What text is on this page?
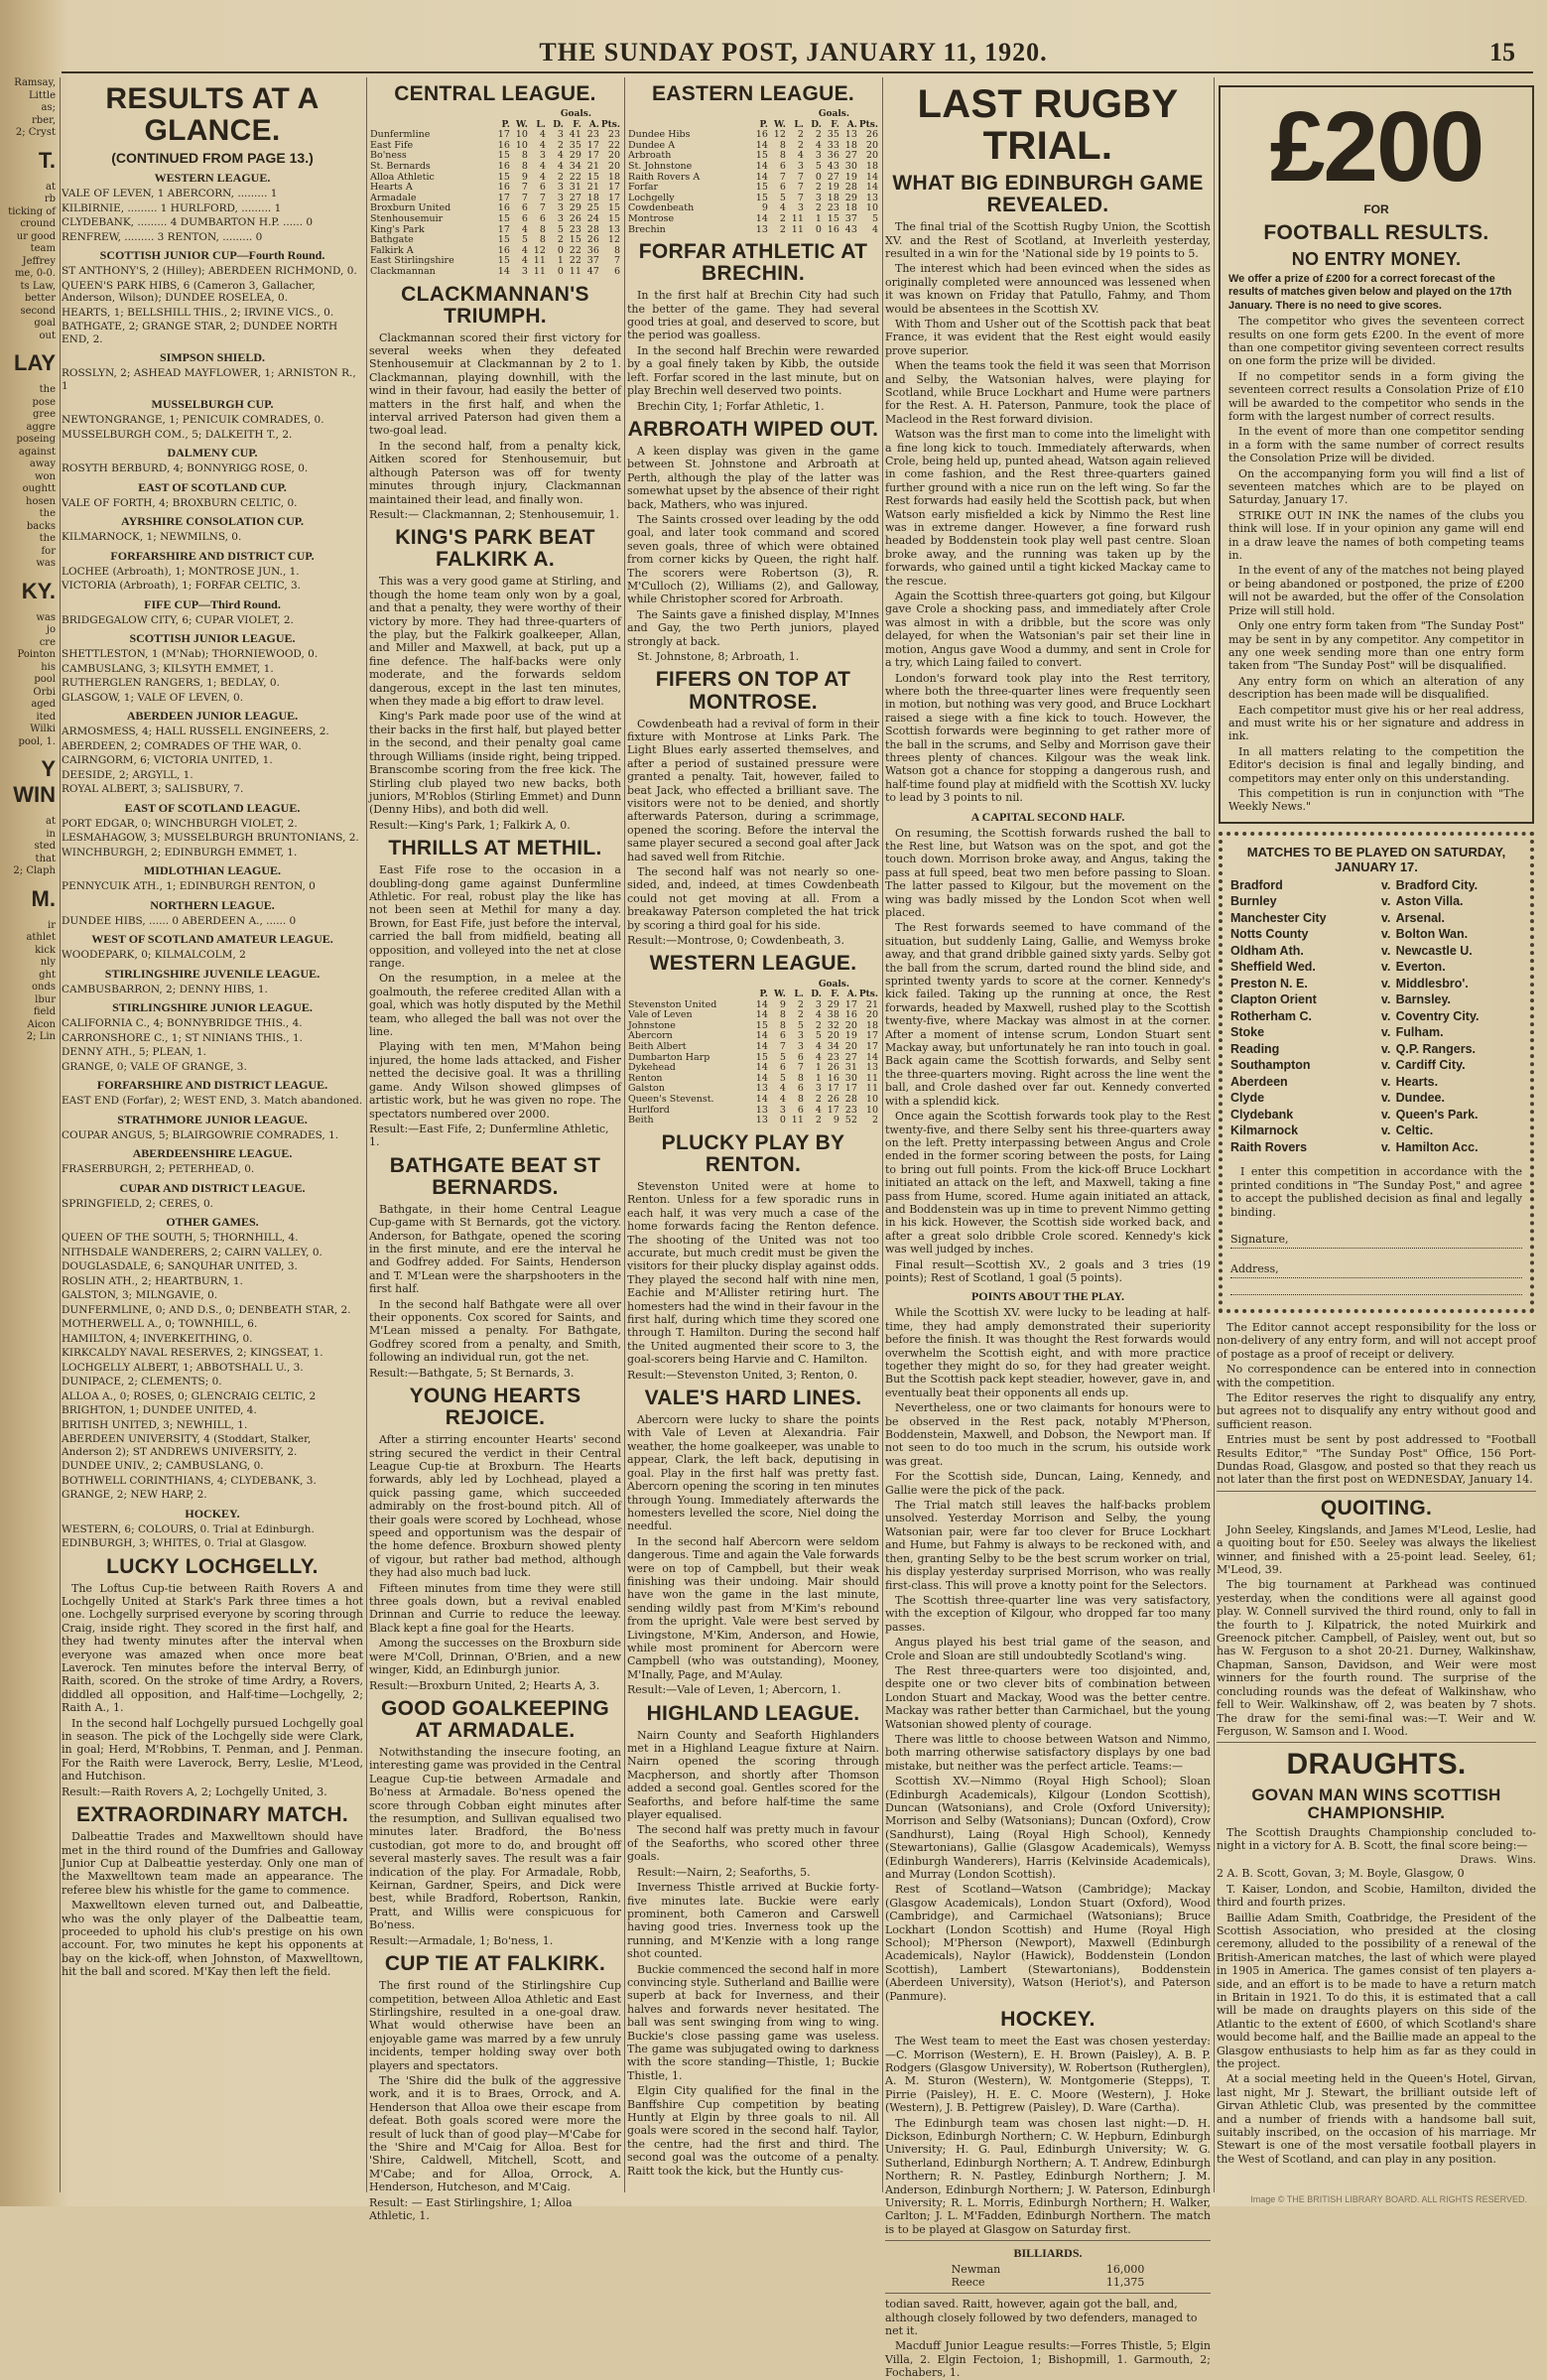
THE SUNDAY POST, JANUARY 11, 1920.	15
Ramsay,
Little
as;
rber,
2; Cryst
T.
at
rb
ticking of
cround
ur good
team
Jeffrey
me, 0-0.
ts Law,
better
second
goal
out
LAY
the
pose
gree
aggre
poseing
against
away
won
oughtt
hosen
the
backs
the
for
was
KY.
was
jo
cre
Pointon
his
pool
Orbi
aged
ited
Wilki
pool, 1.
Y WIN
at
in
sted
that
2; Claph
M.
ir
athlet
kick
nly
ght
onds
lbur
field
Aicon
2; Lin
RESULTS AT A GLANCE.
(CONTINUED FROM PAGE 13.)
WESTERN LEAGUE.
VALE OF LEVEN, 1 ABERCORN, ......... 1
KILBIRNIE, ......... 1 HURLFORD, ......... 1
CLYDEBANK, ......... 4 DUMBARTON H.P. ...... 0
RENFREW, ......... 3 RENTON, ......... 0
SCOTTISH JUNIOR CUP—Fourth Round.
ST ANTHONY'S, 2 (Hilley); ABERDEEN RICHMOND, 0.
QUEEN'S PARK HIBS, 6 (Cameron 3, Gallacher, Anderson, Wilson); DUNDEE ROSELEA, 0.
HEARTS, 1; BELLSHILL THIS., 2; IRVINE VICS., 0.
BATHGATE, 2; GRANGE STAR, 2; DUNDEE NORTH END, 2.
SIMPSON SHIELD.
ROSSLYN, 2; ASHEAD MAYFLOWER, 1; ARNISTON R., 1
MUSSELBURGH CUP.
NEWTONGRANGE, 1; PENICUIK COMRADES, 0.
MUSSELBURGH COM., 5; DALKEITH T., 2.
DALMENY CUP.
ROSYTH BERBURD, 4; BONNYRIGG ROSE, 0.
EAST OF SCOTLAND CUP.
VALE OF FORTH, 4; BROXBURN CELTIC, 0.
AYRSHIRE CONSOLATION CUP.
KILMARNOCK, 1; NEWMILNS, 0.
FORFARSHIRE AND DISTRICT CUP.
LOCHEE (Arbroath), 1; MONTROSE JUN., 1.
VICTORIA (Arbroath), 1; FORFAR CELTIC, 3.
FIFE CUP—Third Round.
BRIDGEGALOW CITY, 6; CUPAR VIOLET, 2.
SCOTTISH JUNIOR LEAGUE.
SHETTLESTON, 1 (M'Nab); THORNIEWOOD, 0.
CAMBUSLANG, 3; KILSYTH EMMET, 1.
RUTHERGLEN RANGERS, 1; BEDLAY, 0.
GLASGOW, 1; VALE OF LEVEN, 0.
ABERDEEN JUNIOR LEAGUE.
ARMOSMESS, 4; HALL RUSSELL ENGINEERS, 2.
ABERDEEN, 2; COMRADES OF THE WAR, 0.
CAIRNGORM, 6; VICTORIA UNITED, 1.
DEESIDE, 2; ARGYLL, 1.
ROYAL ALBERT, 3; SALISBURY, 7.
EAST OF SCOTLAND LEAGUE.
PORT EDGAR, 0; WINCHBURGH VIOLET, 2.
LESMAHAGOW, 3; MUSSELBURGH BRUNTONIANS, 2.
WINCHBURGH, 2; EDINBURGH EMMET, 1.
MIDLOTHIAN LEAGUE.
PENNYCUIK ATH., 1; EDINBURGH RENTON, 0
NORTHERN LEAGUE.
DUNDEE HIBS, ...... 0 ABERDEEN A., ...... 0
WEST OF SCOTLAND AMATEUR LEAGUE.
WOODEPARK, 0; KILMALCOLM, 2
STIRLINGSHIRE JUVENILE LEAGUE.
CAMBUSBARRON, 2; DENNY HIBS, 1.
STIRLINGSHIRE JUNIOR LEAGUE.
CALIFORNIA C., 4; BONNYBRIDGE THIS., 4.
CARRONSHORE C., 1; ST NINIANS THIS., 1.
DENNY ATH., 5; PLEAN, 1.
GRANGE, 0; VALE OF GRANGE, 3.
FORFARSHIRE AND DISTRICT LEAGUE.
EAST END (Forfar), 2; WEST END, 3. Match abandoned.
STRATHMORE JUNIOR LEAGUE.
COUPAR ANGUS, 5; BLAIRGOWRIE COMRADES, 1.
ABERDEENSHIRE LEAGUE.
FRASERBURGH, 2; PETERHEAD, 0.
CUPAR AND DISTRICT LEAGUE.
SPRINGFIELD, 2; CERES, 0.
OTHER GAMES.
QUEEN OF THE SOUTH, 5; THORNHILL, 4.
NITHSDALE WANDERERS, 2; CAIRN VALLEY, 0.
DOUGLASDALE, 6; SANQUHAR UNITED, 3.
ROSLIN ATH., 2; HEARTBURN, 1.
GALSTON, 3; MILNGAVIE, 0.
DUNFERMLINE, 0; AND D.S., 0; DENBEATH STAR, 2.
MOTHERWELL A., 0; TOWNHILL, 6.
HAMILTON, 4; INVERKEITHING, 0.
KIRKCALDY NAVAL RESERVES, 2; KINGSEAT, 1.
LOCHGELLY ALBERT, 1; ABBOTSHALL U., 3.
DUNIPACE, 2; CLEMENTS; 0.
ALLOA A., 0; ROSES, 0; GLENCRAIG CELTIC, 2
BRIGHTON, 1; DUNDEE UNITED, 4.
BRITISH UNITED, 3; NEWHILL, 1.
ABERDEEN UNIVERSITY, 4 (Stoddart, Stalker, Anderson 2); ST ANDREWS UNIVERSITY, 2.
DUNDEE UNIV., 2; CAMBUSLANG, 0.
BOTHWELL CORINTHIANS, 4; CLYDEBANK, 3.
GRANGE, 2; NEW HARP, 2.
HOCKEY.
WESTERN, 6; COLOURS, 0. Trial at Edinburgh.
EDINBURGH, 3; WHITES, 0. Trial at Glasgow.
LUCKY LOCHGELLY.

The Loftus Cup-tie between Raith Rovers A and Lochgelly United at Stark's Park three times a hot one. Lochgelly surprised everyone by scoring through Craig, inside right. They scored in the first half, and they had twenty minutes after the interval when everyone was amazed when once more beat Laverock. Ten minutes before the interval Berry, of Raith, scored. On the stroke of time Ardry, a Rovers, diddled all opposition, and Half-time—Lochgelly, 2; Raith A., 1.

In the second half Lochgelly pursued Lochgelly goal in season. The pick of the Lochgelly side were Clark, in goal; Herd, M'Robbins, T. Penman, and J. Penman. For the Raith were Laverock, Berry, Leslie, M'Leod, and Hutchison.

Result:—Raith Rovers A, 2; Lochgelly United, 3.

EXTRAORDINARY MATCH.

Dalbeattie Trades and Maxwelltown should have met in the third round of the Dumfries and Galloway Junior Cup at Dalbeattie yesterday. Only one man of the Maxwelltown team made an appearance. The referee blew his whistle for the game to commence.

Maxwelltown eleven turned out, and Dalbeattie, who was the only player of the Dalbeattie team, proceeded to uphold his club's prestige on his own account. For, two minutes he kept his opponents at bay on the kick-off, when Johnston, of Maxwelltown, hit the ball and scored. M'Kay then left the field.

CENTRAL LEAGUE.
Goals.							
	P.	W.	L.	D.	F.	A.	Pts.
Dunfermline	17	10	4	3	41	23	23
East Fife	16	10	4	2	35	17	22
Bo'ness	15	8	3	4	29	17	20
St. Bernards	16	8	4	4	34	21	20
Alloa Athletic	15	9	4	2	22	15	18
Hearts A	16	7	6	3	31	21	17
Armadale	17	7	7	3	27	18	17
Broxburn United	16	6	7	3	29	25	15
Stenhousemuir	15	6	6	3	26	24	15
King's Park	17	4	8	5	23	28	13
Bathgate	15	5	8	2	15	26	12
Falkirk A	16	4	12	0	22	36	8
East Stirlingshire	15	4	11	1	22	37	7
Clackmannan	14	3	11	0	11	47	6
CLACKMANNAN'S TRIUMPH.

Clackmannan scored their first victory for several weeks when they defeated Stenhousemuir at Clackmannan by 2 to 1. Clackmannan, playing downhill, with the wind in their favour, had easily the better of matters in the first half, and when the interval arrived Paterson had given them a two-goal lead.

In the second half, from a penalty kick, Aitken scored for Stenhousemuir, but although Paterson was off for twenty minutes through injury, Clackmannan maintained their lead, and finally won.

Result:— Clackmannan, 2; Stenhousemuir, 1.

KING'S PARK BEAT FALKIRK A.

This was a very good game at Stirling, and though the home team only won by a goal, and that a penalty, they were worthy of their victory by more. They had three-quarters of the play, but the Falkirk goalkeeper, Allan, and Miller and Maxwell, at back, put up a fine defence. The half-backs were only moderate, and the forwards seldom dangerous, except in the last ten minutes, when they made a big effort to draw level.

King's Park made poor use of the wind at their backs in the first half, but played better in the second, and their penalty goal came through Williams (inside right, being tripped. Branscombe scoring from the free kick. The Stirling club played two new backs, both juniors, M'Roblos (Stirling Emmet) and Dunn (Denny Hibs), and both did well.

Result:—King's Park, 1; Falkirk A, 0.

THRILLS AT METHIL.

East Fife rose to the occasion in a doubling-dong game against Dunfermline Athletic. For real, robust play the like has not been seen at Methil for many a day. Brown, for East Fife, just before the interval, carried the ball from midfield, beating all opposition, and volleyed into the net at close range.

On the resumption, in a melee at the goalmouth, the referee credited Allan with a goal, which was hotly disputed by the Methil team, who alleged the ball was not over the line.

Playing with ten men, M'Mahon being injured, the home lads attacked, and Fisher netted the decisive goal. It was a thrilling game. Andy Wilson showed glimpses of artistic work, but he was given no rope. The spectators numbered over 2000.

Result:—East Fife, 2; Dunfermline Athletic, 1.

BATHGATE BEAT ST BERNARDS.

Bathgate, in their home Central League Cup-game with St Bernards, got the victory. Anderson, for Bathgate, opened the scoring in the first minute, and ere the interval he and Godfrey added. For Saints, Henderson and T. M'Lean were the sharpshooters in the first half.

In the second half Bathgate were all over their opponents. Cox scored for Saints, and M'Lean missed a penalty. For Bathgate, Godfrey scored from a penalty, and Smith, following an individual run, got the net.

Result:—Bathgate, 5; St Bernards, 3.

YOUNG HEARTS REJOICE.

After a stirring encounter Hearts' second string secured the verdict in their Central League Cup-tie at Broxburn. The Hearts forwards, ably led by Lochhead, played a quick passing game, which succeeded admirably on the frost-bound pitch. All of their goals were scored by Lochhead, whose speed and opportunism was the despair of the home defence. Broxburn showed plenty of vigour, but rather bad method, although they had also much bad luck.

Fifteen minutes from time they were still three goals down, but a revival enabled Drinnan and Currie to reduce the leeway. Black kept a fine goal for the Hearts.

Among the successes on the Broxburn side were M'Coll, Drinnan, O'Brien, and a new winger, Kidd, an Edinburgh junior.

Result:—Broxburn United, 2; Hearts A, 3.

GOOD GOALKEEPING AT ARMADALE.

Notwithstanding the insecure footing, an interesting game was provided in the Central League Cup-tie between Armadale and Bo'ness at Armadale. Bo'ness opened the score through Cobban eight minutes after the resumption, and Sullivan equalised two minutes later. Bradford, the Bo'ness custodian, got more to do, and brought off several masterly saves. The result was a fair indication of the play. For Armadale, Robb, Keirnan, Gardner, Speirs, and Dick were best, while Bradford, Robertson, Rankin, Pratt, and Willis were conspicuous for Bo'ness.

Result:—Armadale, 1; Bo'ness, 1.

CUP TIE AT FALKIRK.

The first round of the Stirlingshire Cup competition, between Alloa Athletic and East Stirlingshire, resulted in a one-goal draw. What would otherwise have been an enjoyable game was marred by a few unruly incidents, temper holding sway over both players and spectators.

The 'Shire did the bulk of the aggressive work, and it is to Braes, Orrock, and A. Henderson that Alloa owe their escape from defeat. Both goals scored were more the result of luck than of good play—M'Cabe for the 'Shire and M'Caig for Alloa. Best for 'Shire, Caldwell, Mitchell, Scott, and M'Cabe; and for Alloa, Orrock, A. Henderson, Hutcheson, and M'Caig.

Result: — East Stirlingshire, 1; Alloa Athletic, 1.

EASTERN LEAGUE.
Goals.							
	P.	W.	L.	D.	F.	A.	Pts.
Dundee Hibs	16	12	2	2	35	13	26
Dundee A	14	8	2	4	33	18	20
Arbroath	15	8	4	3	36	27	20
St. Johnstone	14	6	3	5	43	30	18
Raith Rovers A	14	7	7	0	27	19	14
Forfar	15	6	7	2	19	28	14
Lochgelly	15	5	7	3	18	29	13
Cowdenbeath	9	4	3	2	23	18	10
Montrose	14	2	11	1	15	37	5
Brechin	13	2	11	0	16	43	4
FORFAR ATHLETIC AT BRECHIN.

In the first half at Brechin City had such the better of the game. They had several good tries at goal, and deserved to score, but the period was goalless.

In the second half Brechin were rewarded by a goal finely taken by Kibb, the outside left. Forfar scored in the last minute, but on play Brechin well deserved two points.

Brechin City, 1; Forfar Athletic, 1.

ARBROATH WIPED OUT.

A keen display was given in the game between St. Johnstone and Arbroath at Perth, although the play of the latter was somewhat upset by the absence of their right back, Mathers, who was injured.

The Saints crossed over leading by the odd goal, and later took command and scored seven goals, three of which were obtained from corner kicks by Queen, the right half. The scorers were Robertson (3), R. M'Culloch (2), Williams (2), and Galloway, while Christopher scored for Arbroath.

The Saints gave a finished display, M'Innes and Gay, the two Perth juniors, played strongly at back.

St. Johnstone, 8; Arbroath, 1.

FIFERS ON TOP AT MONTROSE.

Cowdenbeath had a revival of form in their fixture with Montrose at Links Park. The Light Blues early asserted themselves, and after a period of sustained pressure were granted a penalty. Tait, however, failed to beat Jack, who effected a brilliant save. The visitors were not to be denied, and shortly afterwards Paterson, during a scrimmage, opened the scoring. Before the interval the same player secured a second goal after Jack had saved well from Ritchie.

The second half was not nearly so one-sided, and, indeed, at times Cowdenbeath could not get moving at all. From a breakaway Paterson completed the hat trick by scoring a third goal for his side.

Result:—Montrose, 0; Cowdenbeath, 3.

WESTERN LEAGUE.
Goals.							
	P.	W.	L.	D.	F.	A.	Pts.
Stevenston United	14	9	2	3	29	17	21
Vale of Leven	14	8	2	4	38	16	20
Johnstone	15	8	5	2	32	20	18
Abercorn	14	6	3	5	20	19	17
Beith Albert	14	7	3	4	34	20	17
Dumbarton Harp	15	5	6	4	23	27	14
Dykehead	14	6	7	1	26	31	13
Renton	14	5	8	1	16	30	11
Galston	13	4	6	3	17	17	11
Queen's Stevenst.	14	4	8	2	26	28	10
Hurlford	13	3	6	4	17	23	10
Beith	13	0	11	2	9	52	2
PLUCKY PLAY BY RENTON.

Stevenston United were at home to Renton. Unless for a few sporadic runs in each half, it was very much a case of the home forwards facing the Renton defence. The shooting of the United was not too accurate, but much credit must be given the visitors for their plucky display against odds. They played the second half with nine men, Eachie and M'Allister retiring hurt. The homesters had the wind in their favour in the first half, during which time they scored one through T. Hamilton. During the second half the United augmented their score to 3, the goal-scorers being Harvie and C. Hamilton.

Result:—Stevenston United, 3; Renton, 0.

VALE'S HARD LINES.

Abercorn were lucky to share the points with Vale of Leven at Alexandria. Fair weather, the home goalkeeper, was unable to appear, Clark, the left back, deputising in goal. Play in the first half was pretty fast. Abercorn opening the scoring in ten minutes through Young. Immediately afterwards the homesters levelled the score, Niel doing the needful.

In the second half Abercorn were seldom dangerous. Time and again the Vale forwards were on top of Campbell, but their weak finishing was their undoing. Mair should have won the game in the last minute, sending wildly past from M'Kim's rebound from the upright. Vale were best served by Livingstone, M'Kim, Anderson, and Howie, while most prominent for Abercorn were Campbell (who was outstanding), Mooney, M'Inally, Page, and M'Aulay.

Result:—Vale of Leven, 1; Abercorn, 1.

HIGHLAND LEAGUE.

Nairn County and Seaforth Highlanders met in a Highland League fixture at Nairn. Nairn opened the scoring through Macpherson, and shortly after Thomson added a second goal. Gentles scored for the Seaforths, and before half-time the same player equalised.

The second half was pretty much in favour of the Seaforths, who scored other three goals.

Result:—Nairn, 2; Seaforths, 5.

Inverness Thistle arrived at Buckie forty-five minutes late. Buckie were early prominent, both Cameron and Carswell having good tries. Inverness took up the running, and M'Kenzie with a long range shot counted.

Buckie commenced the second half in more convincing style. Sutherland and Baillie were superb at back for Inverness, and their halves and forwards never hesitated. The ball was sent swinging from wing to wing. Buckie's close passing game was useless. The game was subjugated owing to darkness with the score standing—Thistle, 1; Buckie Thistle, 1.

Elgin City qualified for the final in the Banffshire Cup competition by beating Huntly at Elgin by three goals to nil. All goals were scored in the second half. Taylor, the centre, had the first and third. The second goal was the outcome of a penalty. Raitt took the kick, but the Huntly cus-

LAST RUGBY TRIAL.
WHAT BIG EDINBURGH GAME REVEALED.

The final trial of the Scottish Rugby Union, the Scottish XV. and the Rest of Scotland, at Inverleith yesterday, resulted in a win for the 'National side by 19 points to 5.

The interest which had been evinced when the sides as originally completed were announced was lessened when it was known on Friday that Patullo, Fahmy, and Thom would be absentees in the Scottish XV.

With Thom and Usher out of the Scottish pack that beat France, it was evident that the Rest eight would easily prove superior.

When the teams took the field it was seen that Morrison and Selby, the Watsonian halves, were playing for Scotland, while Bruce Lockhart and Hume were partners for the Rest. A. H. Paterson, Panmure, took the place of Macleod in the Rest forward division.

Watson was the first man to come into the limelight with a fine long kick to touch. Immediately afterwards, when Crole, being held up, punted ahead, Watson again relieved in come fashion, and the Rest three-quarters gained further ground with a nice run on the left wing. So far the Rest forwards had easily held the Scottish pack, but when Watson early misfielded a kick by Nimmo the Rest line was in extreme danger. However, a fine forward rush headed by Boddenstein took play well past centre. Sloan broke away, and the running was taken up by the forwards, who gained until a tight kicked Mackay came to the rescue.

Again the Scottish three-quarters got going, but Kilgour gave Crole a shocking pass, and immediately after Crole was almost in with a dribble, but the score was only delayed, for when the Watsonian's pair set their line in motion, Angus gave Wood a dummy, and sent in Crole for a try, which Laing failed to convert.

London's forward took play into the Rest territory, where both the three-quarter lines were frequently seen in motion, but nothing was very good, and Bruce Lockhart raised a siege with a fine kick to touch. However, the Scottish forwards were beginning to get rather more of the ball in the scrums, and Selby and Morrison gave their threes plenty of chances. Kilgour was the weak link. Watson got a chance for stopping a dangerous rush, and half-time found play at midfield with the Scottish XV. lucky to lead by 3 points to nil.

A CAPITAL SECOND HALF.

On resuming, the Scottish forwards rushed the ball to the Rest line, but Watson was on the spot, and got the touch down. Morrison broke away, and Angus, taking the pass at full speed, beat two men before passing to Sloan. The latter passed to Kilgour, but the movement on the wing was badly missed by the London Scot when well placed.

The Rest forwards seemed to have command of the situation, but suddenly Laing, Gallie, and Wemyss broke away, and that grand dribble gained sixty yards. Selby got the ball from the scrum, darted round the blind side, and sprinted twenty yards to score at the corner. Kennedy's kick failed. Taking up the running at once, the Rest forwards, headed by Maxwell, rushed play to the Scottish twenty-five, where Mackay was almost in at the corner. After a moment of intense scrum, London Stuart sent Mackay away, but unfortunately he ran into touch in goal. Back again came the Scottish forwards, and Selby sent the three-quarters moving. Right across the line went the ball, and Crole dashed over far out. Kennedy converted with a splendid kick.

Once again the Scottish forwards took play to the Rest twenty-five, and there Selby sent his three-quarters away on the left. Pretty interpassing between Angus and Crole ended in the former scoring between the posts, for Laing to bring out full points. From the kick-off Bruce Lockhart initiated an attack on the left, and Maxwell, taking a fine pass from Hume, scored. Hume again initiated an attack, and Boddenstein was up in time to prevent Nimmo getting in his kick. However, the Scottish side worked back, and after a great solo dribble Crole scored. Kennedy's kick was well judged by inches.

Final result—Scottish XV., 2 goals and 3 tries (19 points); Rest of Scotland, 1 goal (5 points).

POINTS ABOUT THE PLAY.

While the Scottish XV. were lucky to be leading at half-time, they had amply demonstrated their superiority before the finish. It was thought the Rest forwards would overwhelm the Scottish eight, and with more practice together they might do so, for they had greater weight. But the Scottish pack kept steadier, however, gave in, and eventually beat their opponents all ends up.

Nevertheless, one or two claimants for honours were to be observed in the Rest pack, notably M'Pherson, Boddenstein, Maxwell, and Dobson, the Newport man. If not seen to do too much in the scrum, his outside work was great.

For the Scottish side, Duncan, Laing, Kennedy, and Gallie were the pick of the pack.

The Trial match still leaves the half-backs problem unsolved. Yesterday Morrison and Selby, the young Watsonian pair, were far too clever for Bruce Lockhart and Hume, but Fahmy is always to be reckoned with, and then, granting Selby to be the best scrum worker on trial, his display yesterday surprised Morrison, who was really first-class. This will prove a knotty point for the Selectors.

The Scottish three-quarter line was very satisfactory, with the exception of Kilgour, who dropped far too many passes.

Angus played his best trial game of the season, and Crole and Sloan are still undoubtedly Scotland's wing.

The Rest three-quarters were too disjointed, and, despite one or two clever bits of combination between London Stuart and Mackay, Wood was the better centre. Mackay was rather better than Carmichael, but the young Watsonian showed plenty of courage.

There was little to choose between Watson and Nimmo, both marring otherwise satisfactory displays by one bad mistake, but neither was the perfect article. Teams:—

Scottish XV.—Nimmo (Royal High School); Sloan (Edinburgh Academicals), Kilgour (London Scottish), Duncan (Watsonians), and Crole (Oxford University); Morrison and Selby (Watsonians); Duncan (Oxford), Crow (Sandhurst), Laing (Royal High School), Kennedy (Stewartonians), Gallie (Glasgow Academicals), Wemyss (Edinburgh Wanderers), Harris (Kelvinside Academicals), and Murray (London Scottish).

Rest of Scotland—Watson (Cambridge); Mackay (Glasgow Academicals), London Stuart (Oxford), Wood (Cambridge), and Carmichael (Watsonians); Bruce Lockhart (London Scottish) and Hume (Royal High School); M'Pherson (Newport), Maxwell (Edinburgh Academicals), Naylor (Hawick), Boddenstein (London Scottish), Lambert (Stewartonians), Boddenstein (Aberdeen University), Watson (Heriot's), and Paterson (Panmure).

HOCKEY.

The West team to meet the East was chosen yesterday:—C. Morrison (Western), E. H. Brown (Paisley), A. B. P. Rodgers (Glasgow University), W. Robertson (Rutherglen), A. M. Sturon (Western), W. Montgomerie (Stepps), T. Pirrie (Paisley), H. E. C. Moore (Western), J. Hoke (Western), J. B. Pettigrew (Paisley), D. Ware (Cartha).

The Edinburgh team was chosen last night:—D. H. Dickson, Edinburgh Northern; C. W. Hepburn, Edinburgh University; H. G. Paul, Edinburgh University; W. G. Sutherland, Edinburgh Northern; A. T. Andrew, Edinburgh Northern; R. N. Pastley, Edinburgh Northern; J. M. Anderson, Edinburgh Northern; J. W. Paterson, Edinburgh University; R. L. Morris, Edinburgh Northern; H. Walker, Carlton; J. L. M'Fadden, Edinburgh Northern. The match is to be played at Glasgow on Saturday first.

BILLIARDS.
Newman	16,000
Reece	11,375

todian saved. Raitt, however, again got the ball, and, although closely followed by two defenders, managed to net it.

Macduff Junior League results:—Forres Thistle, 5; Elgin Villa, 2. Elgin Fectoion, 1; Bishopmill, 1. Garmouth, 2; Fochabers, 1.

£200
FOR
FOOTBALL RESULTS.
NO ENTRY MONEY.

We offer a prize of £200 for a correct forecast of the results of matches given below and played on the 17th January. There is no need to give scores.

The competitor who gives the seventeen correct results on one form gets £200. In the event of more than one competitor giving seventeen correct results on one form the prize will be divided.

If no competitor sends in a form giving the seventeen correct results a Consolation Prize of £10 will be awarded to the competitor who sends in the form with the largest number of correct results.

In the event of more than one competitor sending in a form with the same number of correct results the Consolation Prize will be divided.

On the accompanying form you will find a list of seventeen matches which are to be played on Saturday, January 17.

STRIKE OUT IN INK the names of the clubs you think will lose. If in your opinion any game will end in a draw leave the names of both competing teams in.

In the event of any of the matches not being played or being abandoned or postponed, the prize of £200 will not be awarded, but the offer of the Consolation Prize will still hold.

Only one entry form taken from "The Sunday Post" may be sent in by any competitor. Any competitor in any one week sending more than one entry form taken from "The Sunday Post" will be disqualified.

Any entry form on which an alteration of any description has been made will be disqualified.

Each competitor must give his or her real address, and must write his or her signature and address in ink.

In all matters relating to the competition the Editor's decision is final and legally binding, and competitors may enter only on this understanding.

This competition is run in conjunction with "The Weekly News."

MATCHES TO BE PLAYED ON SATURDAY, JANUARY 17.
Bradford	v.	Bradford City.
Burnley	v.	Aston Villa.
Manchester City	v.	Arsenal.
Notts County	v.	Bolton Wan.
Oldham Ath.	v.	Newcastle U.
Sheffield Wed.	v.	Everton.
Preston N. E.	v.	Middlesbro'.
Clapton Orient	v.	Barnsley.
Rotherham C.	v.	Coventry City.
Stoke	v.	Fulham.
Reading	v.	Q.P. Rangers.
Southampton	v.	Cardiff City.
Aberdeen	v.	Hearts.
Clyde	v.	Dundee.
Clydebank	v.	Queen's Park.
Kilmarnock	v.	Celtic.
Raith Rovers	v.	Hamilton Acc.

I enter this competition in accordance with the printed conditions in "The Sunday Post," and agree to accept the published decision as final and legally binding.

Signature,
Address,

The Editor cannot accept responsibility for the loss or non-delivery of any entry form, and will not accept proof of postage as a proof of receipt or delivery.

No correspondence can be entered into in connection with the competition.

The Editor reserves the right to disqualify any entry, but agrees not to disqualify any entry without good and sufficient reason.

Entries must be sent by post addressed to "Football Results Editor," "The Sunday Post" Office, 156 Port-Dundas Road, Glasgow, and posted so that they reach us not later than the first post on WEDNESDAY, January 14.

QUOITING.

John Seeley, Kingslands, and James M'Leod, Leslie, had a quoiting bout for £50. Seeley was always the likeliest winner, and finished with a 25-point lead. Seeley, 61; M'Leod, 39.

The big tournament at Parkhead was continued yesterday, when the conditions were all against good play. W. Connell survived the third round, only to fall in the fourth to J. Kilpatrick, the noted Muirkirk and Greenock pitcher. Campbell, of Paisley, went out, but so has W. Ferguson to a shot 20-21. Durney, Walkinshaw, Chapman, Sanson, Davidson, and Weir were most winners for the fourth round. The surprise of the concluding rounds was the defeat of Walkinshaw, who fell to Weir. Walkinshaw, off 2, was beaten by 7 shots. The draw for the semi-final was:—T. Weir and W. Ferguson, W. Samson and I. Wood.

DRAUGHTS.
GOVAN MAN WINS SCOTTISH CHAMPIONSHIP.

The Scottish Draughts Championship concluded to-night in a victory for A. B. Scott, the final score being:—

Draws. Wins.

2 A. B. Scott, Govan, 3; M. Boyle, Glasgow, 0

T. Kaiser, London, and Scobie, Hamilton, divided the third and fourth prizes.

Baillie Adam Smith, Coatbridge, the President of the Scottish Association, who presided at the closing ceremony, alluded to the possibility of a renewal of the British-American matches, the last of which were played in 1905 in America. The games consist of ten players a-side, and an effort is to be made to have a return match in Britain in 1921. To do this, it is estimated that a call will be made on draughts players on this side of the Atlantic to the extent of £600, of which Scotland's share would become half, and the Baillie made an appeal to the Glasgow enthusiasts to help him as far as they could in the project.

At a social meeting held in the Queen's Hotel, Girvan, last night, Mr J. Stewart, the brilliant outside left of Girvan Athletic Club, was presented by the committee and a number of friends with a handsome ball suit, suitably inscribed, on the occasion of his marriage. Mr Stewart is one of the most versatile football players in the West of Scotland, and can play in any position.

Image © THE BRITISH LIBRARY BOARD. ALL RIGHTS RESERVED.
